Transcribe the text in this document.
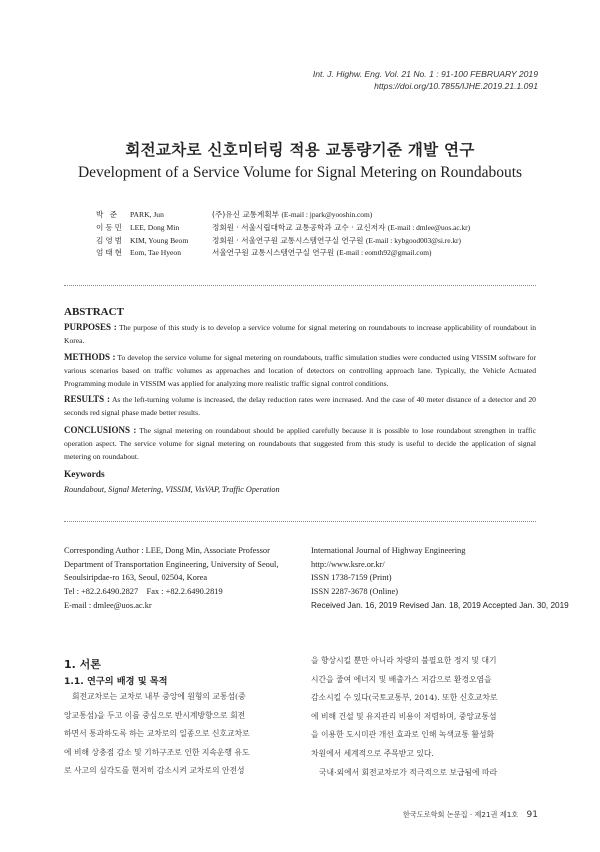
Int. J. Highw. Eng. Vol. 21 No. 1 : 91-100 FEBRUARY 2019
https://doi.org/10.7855/IJHE.2019.21.1.091
회전교차로 신호미터링 적용 교통량기준 개발 연구
Development of a Service Volume for Signal Metering on Roundabouts
박 준	PARK, Jun	(주)유신 교통계획부 (E-mail : jpark@yooshin.com)
이동민 LEE, Dong Min	정회원 · 서울시립대학교 교통공학과 교수 · 교신저자 (E-mail : dmlee@uos.ac.kr)
김영범 KIM, Young Beom	정회원 · 서울연구원 교통시스템연구실 연구원 (E-mail : kybgood003@si.re.kr)
엄태현 Eom, Tae Hyeon	서울연구원 교통시스템연구실 연구원 (E-mail : eomth92@gmail.com)
ABSTRACT
PURPOSES : The purpose of this study is to develop a service volume for signal metering on roundabouts to increase applicability of roundabout in Korea.
METHODS : To develop the service volume for signal metering on roundabouts, traffic simulation studies were conducted using VISSIM software for various scenarios based on traffic volumes as approaches and location of detectors on controlling approach lane. Typically, the Vehicle Actuated Programming module in VISSIM was applied for analyzing more realistic traffic signal control conditions.
RESULTS : As the left-turning volume is increased, the delay reduction rates were increased. And the case of 40 meter distance of a detector and 20 seconds red signal phase made better results.
CONCLUSIONS : The signal metering on roundabout should be applied carefully because it is possible to lose roundabout strengthen in traffic operation aspect. The service volume for signal metering on roundabouts that suggested from this study is useful to decide the application of signal metering on roundabout.
Keywords
Roundabout, Signal Metering, VISSIM, VisVAP, Traffic Operation
Corresponding Author : LEE, Dong Min, Associate Professor
Department of Transportation Engineering, University of Seoul,
Seoulsiripdae-ro 163, Seoul, 02504, Korea
Tel : +82.2.6490.2827    Fax : +82.2.6490.2819
E-mail : dmlee@uos.ac.kr
International Journal of Highway Engineering
http://www.ksre.or.kr/
ISSN 1738-7159 (Print)
ISSN 2287-3678 (Online)
Received Jan. 16, 2019 Revised Jan. 18, 2019 Accepted Jan. 30, 2019
1. 서론
1.1. 연구의 배경 및 목적
회전교차로는 교차로 내부 중앙에 원형의 교통섬(중
앙교통섬)을 두고 이를 중심으로 반시계방향으로 회전
하면서 통과하도록 하는 교차로의 일종으로 신호교차로
에 비해 상충점 감소 및 기하구조로 인한 지속운행 유도
로 사고의 심각도를 현저히 감소시켜 교차로의 안전성
을 향상시킬 뿐만 아니라 차량의 불필요한 정지 및 대기
시간을 줄여 에너지 및 배출가스 저감으로 환경오염을
감소시킬 수 있다(국토교통부, 2014). 또한 신호교차로
에 비해 건설 및 유지관리 비용이 저렴하며, 중앙교통섬
을 이용한 도시미관 개선 효과로 인해 녹색교통 활성화
차원에서 세계적으로 주목받고 있다.
국내·외에서 회전교차로가 적극적으로 보급됨에 따라
한국도로학회 논문집 · 제21권 제1호 91
